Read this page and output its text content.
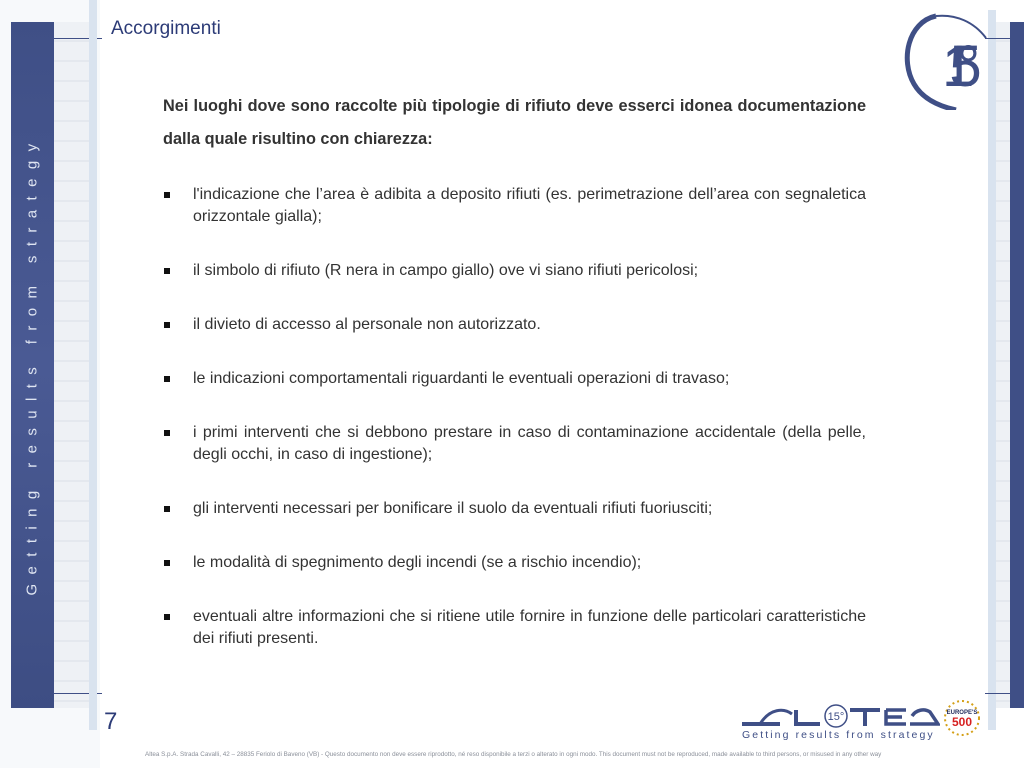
Getting results from strategy
Accorgimenti
15°

Nei luoghi dove sono raccolte più tipologie di rifiuto deve esserci idonea documentazione dalla quale risultino con chiarezza:

l'indicazione che l’area è adibita a deposito rifiuti (es. perimetrazione dell’area con segnaletica orizzontale gialla);
il simbolo di rifiuto (R nera in campo giallo) ove vi siano rifiuti pericolosi;
il divieto di accesso al personale non autorizzato.
le indicazioni comportamentali riguardanti le eventuali operazioni di travaso;
i primi interventi che si debbono prestare in caso di contaminazione accidentale (della pelle, degli occhi, in caso di ingestione);
gli interventi necessari per bonificare il suolo da eventuali rifiuti fuoriusciti;
le modalità di spegnimento degli incendi (se a rischio incendio);
eventuali altre informazioni che si ritiene utile fornire in funzione delle particolari caratteristiche dei rifiuti presenti.
7	15°
ALTEA
Getting results from strategy
EUROPE'S
500
Altea S.p.A. Strada Cavalli, 42 – 28835 Feriolo di Baveno (VB) - Questo documento non deve essere riprodotto, né reso disponibile a terzi o alterato in ogni modo. This document must not be reproduced, made available to third persons, or misused in any other way
